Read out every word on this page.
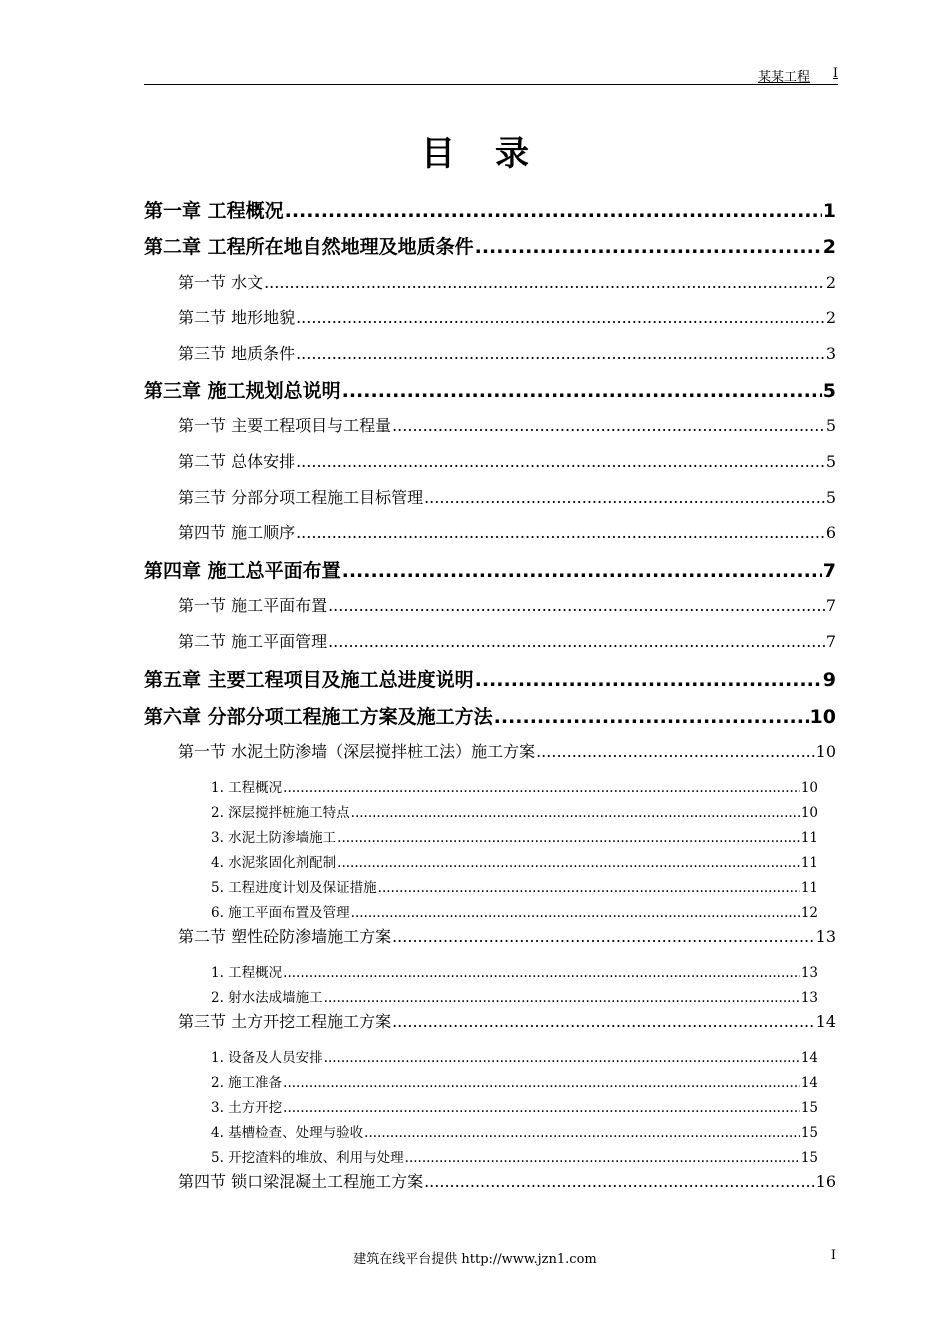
某某工程 I
目录
第一章 工程概况 .....	1
第二章 工程所在地自然地理及地质条件 .....	2
第一节 水文 .....	2
第二节 地形地貌 .....	2
第三节 地质条件 .....	3
第三章 施工规划总说明 .....	5
第一节 主要工程项目与工程量 .....	5
第二节 总体安排 .....	5
第三节 分部分项工程施工目标管理 .....	5
第四节 施工顺序 .....	6
第四章 施工总平面布置 .....	7
第一节 施工平面布置 .....	7
第二节 施工平面管理 .....	7
第五章 主要工程项目及施工总进度说明 .....	9
第六章 分部分项工程施工方案及施工方法 .....	10
第一节 水泥土防渗墙（深层搅拌桩工法）施工方案 .....	10
1. 工程概况 .....	10
2. 深层搅拌桩施工特点 .....	10
3. 水泥土防渗墙施工 .....	11
4. 水泥浆固化剂配制 .....	11
5. 工程进度计划及保证措施 .....	11
6. 施工平面布置及管理 .....	12
第二节 塑性砼防渗墙施工方案 .....	13
1. 工程概况 .....	13
2. 射水法成墙施工 .....	13
第三节 土方开挖工程施工方案 .....	14
1. 设备及人员安排 .....	14
2. 施工准备 .....	14
3. 土方开挖 .....	15
4. 基槽检查、处理与验收 .....	15
5. 开挖渣料的堆放、利用与处理 .....	15
第四节 锁口梁混凝土工程施工方案 .....	16
建筑在线平台提供 http://www.jzn1.com	I
